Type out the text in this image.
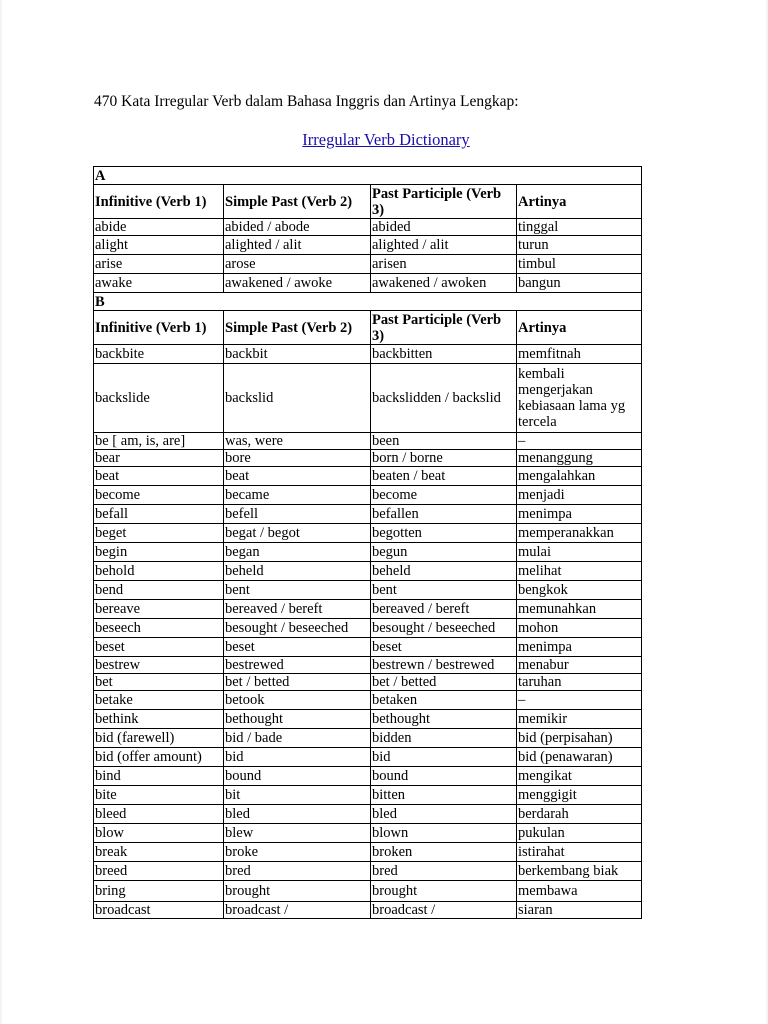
470 Kata Irregular Verb dalam Bahasa Inggris dan Artinya Lengkap:
Irregular Verb Dictionary
A			
Infinitive (Verb 1)	Simple Past (Verb 2)	Past Participle (Verb 3)	Artinya
abide	abided / abode	abided	tinggal
alight	alighted / alit	alighted / alit	turun
arise	arose	arisen	timbul
awake	awakened / awoke	awakened / awoken	bangun
B			
Infinitive (Verb 1)	Simple Past (Verb 2)	Past Participle (Verb 3)	Artinya
backbite	backbit	backbitten	memfitnah
backslide	backslid	backslidden / backslid	kembali mengerjakan kebiasaan lama yg tercela
be [ am, is, are]	was, were	been	–
bear	bore	born / borne	menanggung
beat	beat	beaten / beat	mengalahkan
become	became	become	menjadi
befall	befell	befallen	menimpa
beget	begat / begot	begotten	memperanakkan
begin	began	begun	mulai
behold	beheld	beheld	melihat
bend	bent	bent	bengkok
bereave	bereaved / bereft	bereaved / bereft	memunahkan
beseech	besought / beseeched	besought / beseeched	mohon
beset	beset	beset	menimpa
bestrew	bestrewed	bestrewn / bestrewed	menabur
bet	bet / betted	bet / betted	taruhan
betake	betook	betaken	–
bethink	bethought	bethought	memikir
bid (farewell)	bid / bade	bidden	bid (perpisahan)
bid (offer amount)	bid	bid	bid (penawaran)
bind	bound	bound	mengikat
bite	bit	bitten	menggigit
bleed	bled	bled	berdarah
blow	blew	blown	pukulan
break	broke	broken	istirahat
breed	bred	bred	berkembang biak
bring	brought	brought	membawa
broadcast	broadcast /	broadcast /	siaran
